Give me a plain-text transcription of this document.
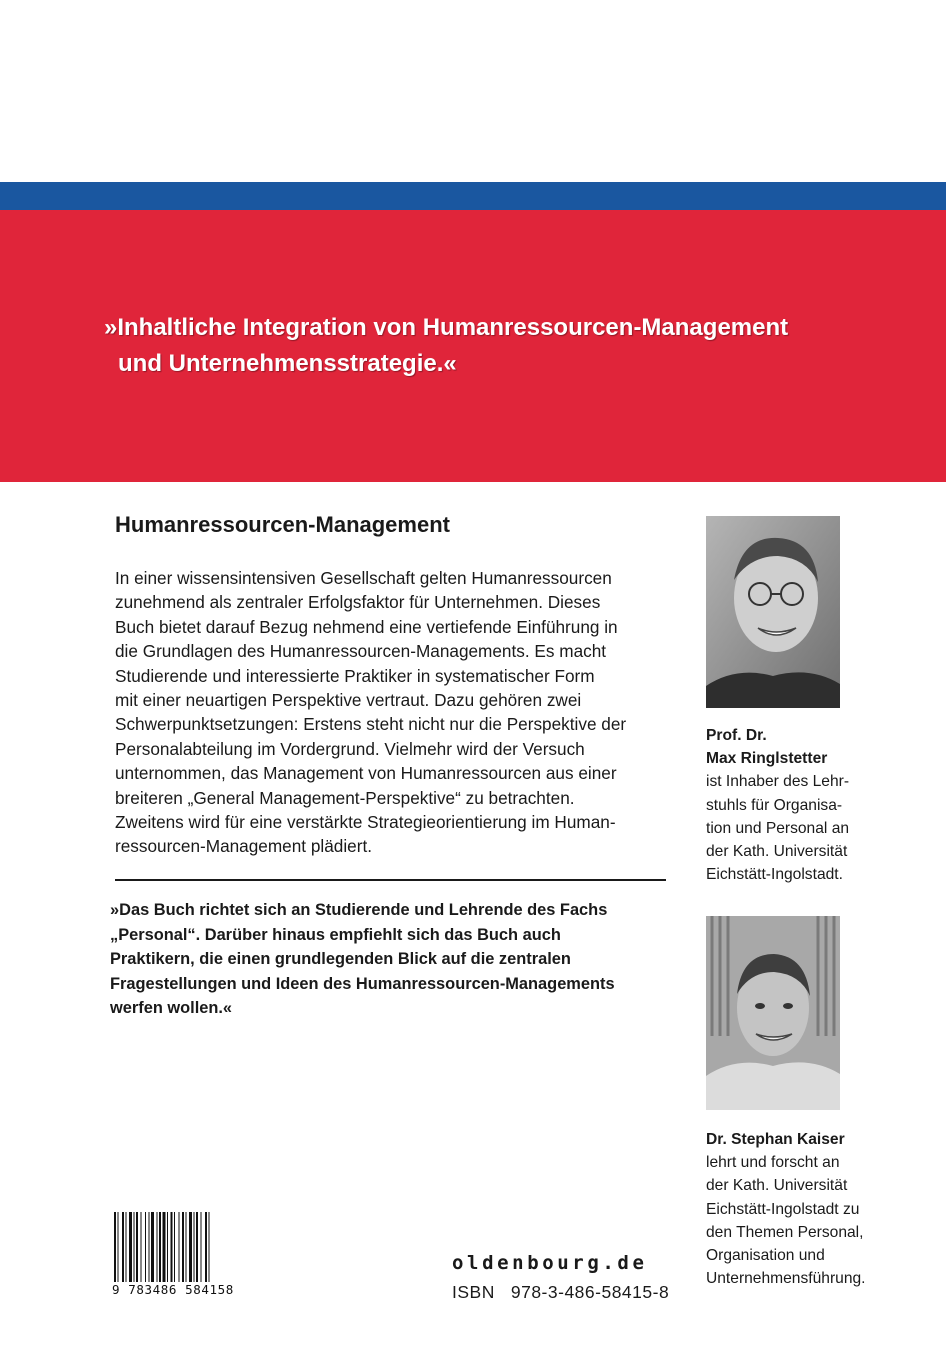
»Inhaltliche Integration von Humanressourcen-Management
und Unternehmensstrategie.«
Humanressourcen-Management
In einer wissensintensiven Gesellschaft gelten Humanressourcen
zunehmend als zentraler Erfolgsfaktor für Unternehmen. Dieses
Buch bietet darauf Bezug nehmend eine vertiefende Einführung in
die Grundlagen des Humanressourcen-Managements. Es macht
Studierende und interessierte Praktiker in systematischer Form
mit einer neuartigen Perspektive vertraut. Dazu gehören zwei
Schwerpunktsetzungen: Erstens steht nicht nur die Perspektive der
Personalabteilung im Vordergrund. Vielmehr wird der Versuch
unternommen, das Management von Humanressourcen aus einer
breiteren „General Management-Perspektive“ zu betrachten.
Zweitens wird für eine verstärkte Strategieorientierung im Human-
ressourcen-Management plädiert.
»Das Buch richtet sich an Studierende und Lehrende des Fachs
„Personal“. Darüber hinaus empfiehlt sich das Buch auch
Praktikern, die einen grundlegenden Blick auf die zentralen
Fragestellungen und Ideen des Humanressourcen-Managements
werfen wollen.«
Prof. Dr.
Max Ringlstetter
ist Inhaber des Lehr-
stuhls für Organisa-
tion und Personal an
der Kath. Universität
Eichstätt-Ingolstadt.
Dr. Stephan Kaiser
lehrt und forscht an
der Kath. Universität
Eichstätt-Ingolstadt zu
den Themen Personal,
Organisation und
Unternehmensführung.
9 783486 584158
oldenbourg.de
ISBN 978-3-486-58415-8
